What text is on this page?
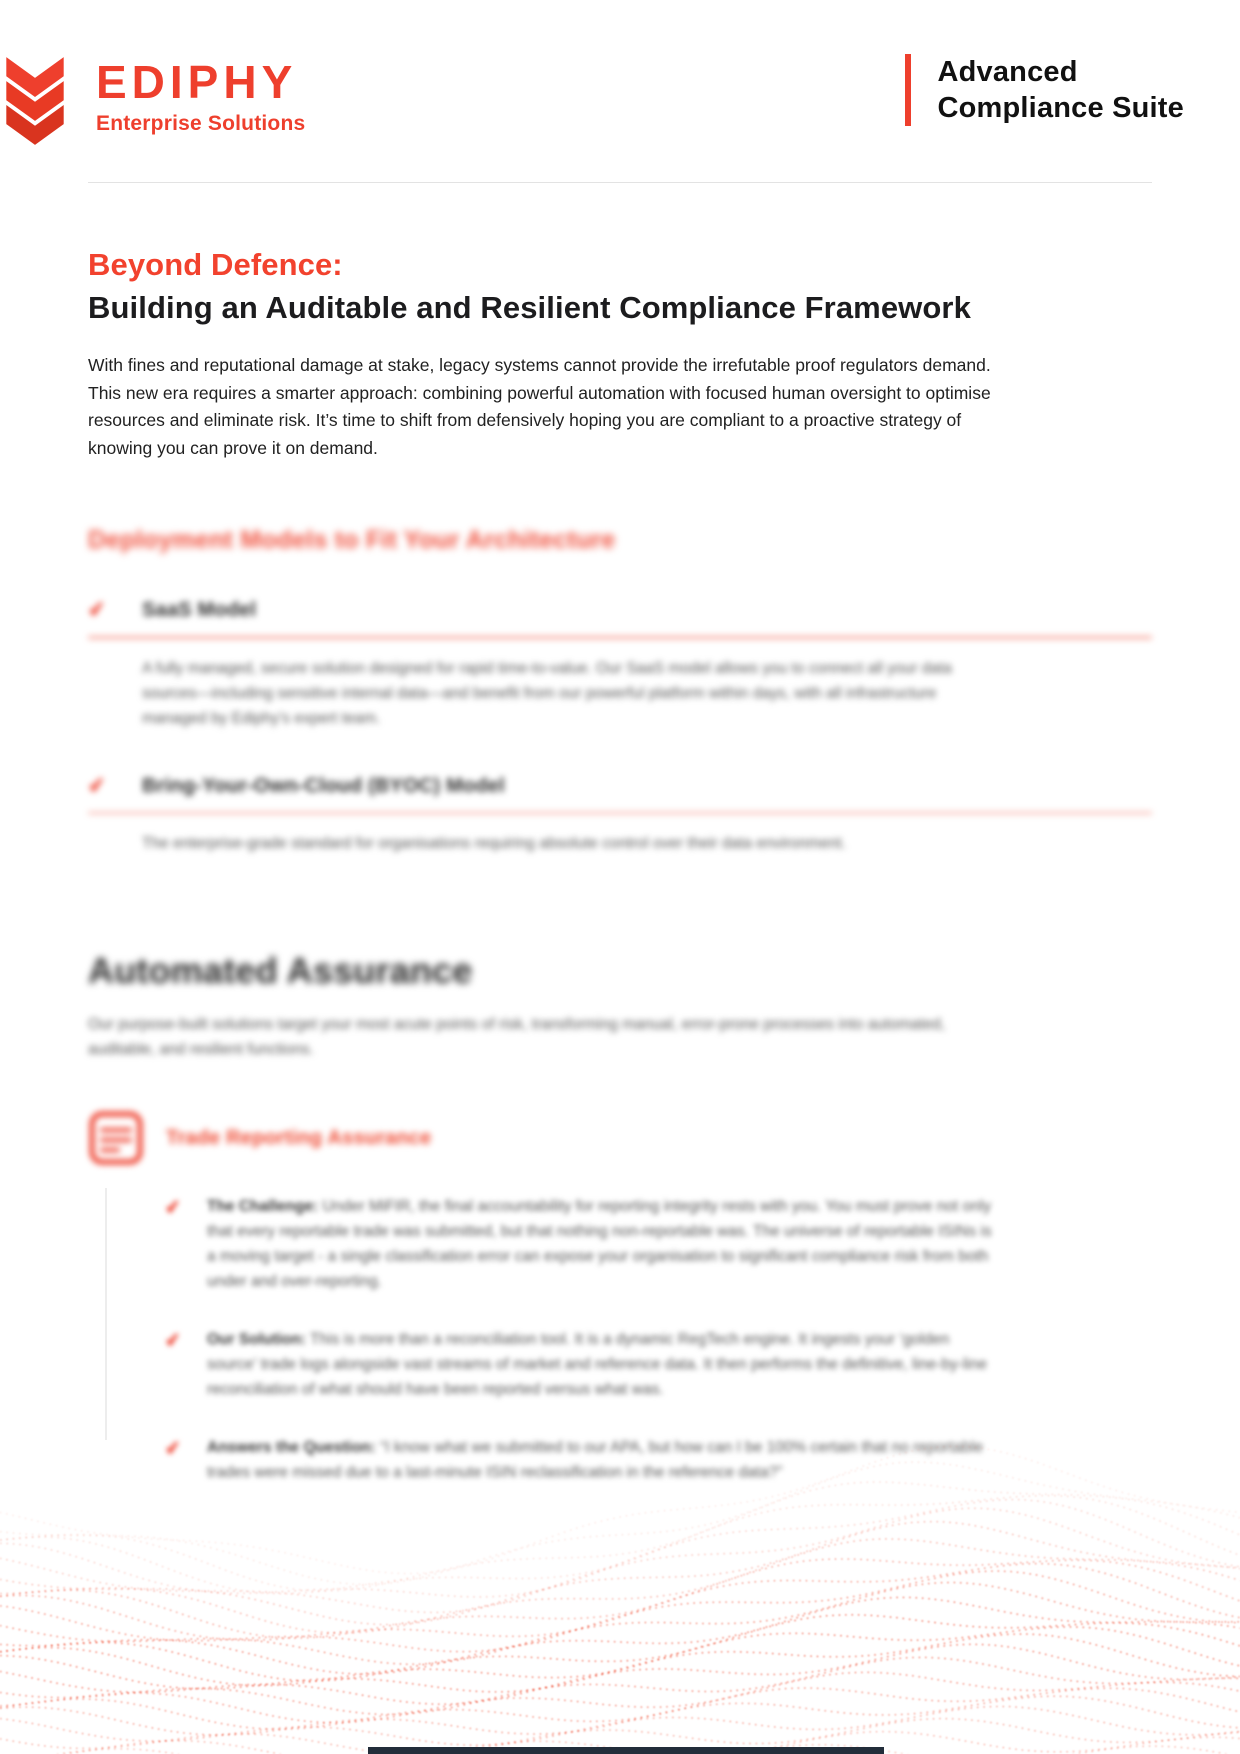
EDIPHY
Enterprise Solutions
Advanced
Compliance Suite
Beyond Defence:
Building an Auditable and Resilient Compliance Framework

With fines and reputational damage at stake, legacy systems cannot provide the irrefutable proof regulators demand. This new era requires a smarter approach: combining powerful automation with focused human oversight to optimise resources and eliminate risk. It’s time to shift from defensively hoping you are compliant to a proactive strategy of knowing you can prove it on demand.

Deployment Models to Fit Your Architecture
✔	SaaS Model

A fully managed, secure solution designed for rapid time-to-value. Our SaaS model allows you to connect all your data sources—including sensitive internal data—and benefit from our powerful platform within days, with all infrastructure managed by Ediphy’s expert team.

✔	Bring-Your-Own-Cloud (BYOC) Model

The enterprise-grade standard for organisations requiring absolute control over their data environment.

Automated Assurance

Our purpose-built solutions target your most acute points of risk, transforming manual, error-prone processes into automated, auditable, and resilient functions.

Trade Reporting Assurance
✔	The Challenge: Under MiFIR, the final accountability for reporting integrity rests with you. You must prove not only that every reportable trade was submitted, but that nothing non-reportable was. The universe of reportable ISINs is a moving target - a single classification error can expose your organisation to significant compliance risk from both under and over-reporting.

✔	Our Solution: This is more than a reconciliation tool. It is a dynamic RegTech engine. It ingests your ‘golden source’ trade logs alongside vast streams of market and reference data. It then performs the definitive, line-by-line reconciliation of what should have been reported versus what was.

✔	Answers the Question: “I know what we submitted to our APA, but how can I be 100% certain that no reportable trades were missed due to a last-minute ISIN reclassification in the reference data?”
